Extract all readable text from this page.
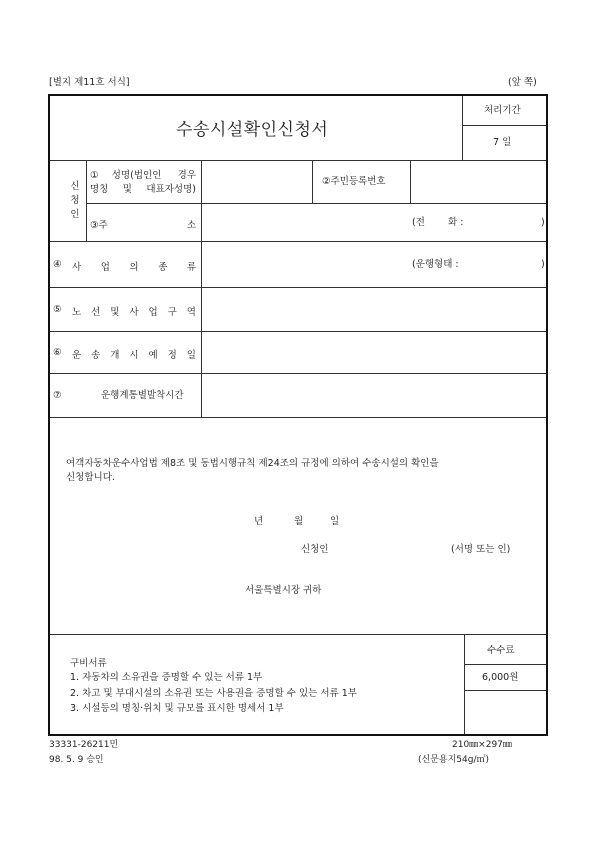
[별지 제11호 서식]	(앞 쪽)
수송시설확인신청서
처리기간
7 일
신
청
인
①성명(법인인 경우
명칭 및 대표자성명)
②주민등록번호
③주	소	(전 화 :	)
④ 사 업 의 종 류	(운행형태 :	)
⑤ 노 선 및 사 업 구 역
⑥ 운 송 개 시 예 정 일
⑦	운행계통별발착시간
여객자동차운수사업법 제8조 및 동법시행규칙 제24조의 규정에 의하여 수송시설의 확인을
신청합니다.
년	월	일
신청인	(서명 또는 인)
서울특별시장 귀하
구비서류
1. 자동차의 소유권을 증명할 수 있는 서류 1부
2. 차고 및 부대시설의 소유권 또는 사용권을 증명할 수 있는 서류 1부
3. 시설등의 명칭·위치 및 규모를 표시한 명세서 1부
수수료
6,000원
33331-26211민
98. 5. 9 승인
210㎜×297㎜
(신문용지54g/㎡)
